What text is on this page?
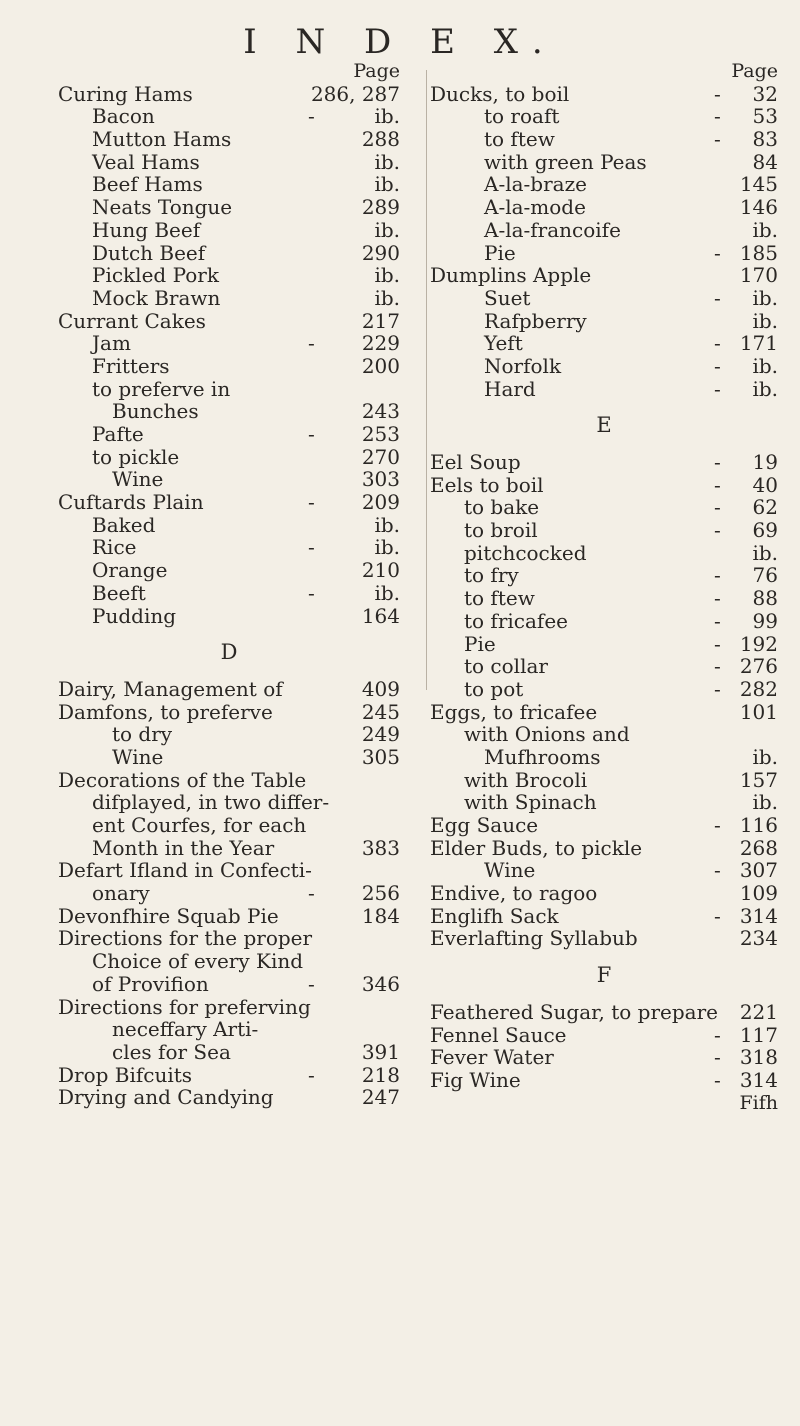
I N D E X.
Page
Curing Hams	286, 287
Bacon	-	ib.
Mutton Hams	288
Veal Hams	ib.
Beef Hams	ib.
Neats Tongue	289
Hung Beef	ib.
Dutch Beef	290
Pickled Pork	ib.
Mock Brawn	ib.
Currant Cakes	217
Jam	- 229
Fritters	200
to preferve in
Bunches	243
Pafte	- 253
to pickle	270
Wine	303
Cuftards Plain	- 209
Baked	ib.
Rice	-	ib.
Orange	210
Beeft	-	ib.
Pudding	164
D
Dairy, Management of	409
Damfons, to preferve	245
to dry	249
Wine	305
Decorations of the Table
difplayed, in two differ-
ent Courfes, for each
Month in the Year	383
Defart Ifland in Confecti-
onary	- 256
Devonfhire Squab Pie	184
Directions for the proper
Choice of every Kind
of Provifion	- 346
Directions for preferving
neceffary Arti-
cles for Sea	391
Drop Bifcuits	- 218
Drying and Candying	247
Page
Ducks, to boil	- 32
to roaft	- 53
to ftew	- 83
with green Peas	84
A-la-braze	145
A-la-mode	146
A-la-francoife	ib.
Pie	- 185
Dumplins Apple	170
Suet	- ib.
Rafpberry	ib.
Yeft	- 171
Norfolk	- ib.
Hard	- ib.
E
Eel Soup	- 19
Eels to boil	- 40
to bake	- 62
to broil	- 69
pitchcocked	ib.
to fry	- 76
to ftew	- 88
to fricafee	- 99
Pie	- 192
to collar	- 276
to pot	- 282
Eggs, to fricafee	101
with Onions and
Mufhrooms	ib.
with Brocoli	157
with Spinach	ib.
Egg Sauce	- 116
Elder Buds, to pickle	268
Wine	- 307
Endive, to ragoo	109
Englifh Sack	- 314
Everlafting Syllabub	234
F
Feathered Sugar, to prepare 221
Fennel Sauce	- 117
Fever Water	- 318
Fig Wine	- 314
Fifh
